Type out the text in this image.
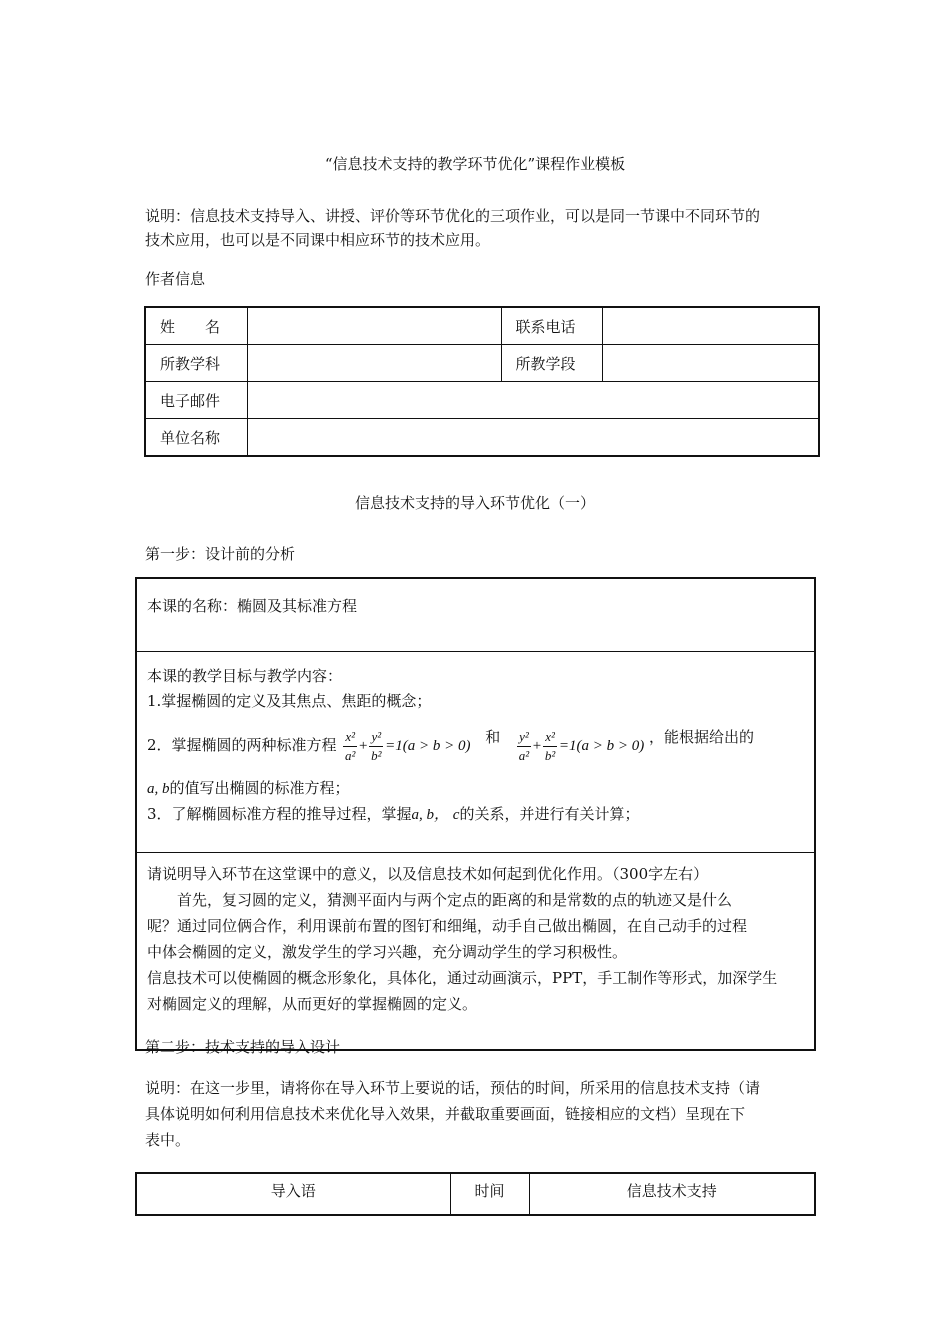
“信息技术支持的教学环节优化”课程作业模板
说明：信息技术支持导入、讲授、评价等环节优化的三项作业，可以是同一节课中不同环节的
技术应用，也可以是不同课中相应环节的技术应用。
作者信息
姓　　名		联系电话	
所教学科		所教学段	
电子邮件			
单位名称			
信息技术支持的导入环节优化（一）
第一步：设计前的分析
本课的名称：椭圆及其标准方程

本课的教学目标与教学内容：
1.掌握椭圆的定义及其焦点、焦距的概念；
2．掌握椭圆的两种标准方程 $\frac{\text{x²}}{\text{a²}} + \frac{\text{y²}}{\text{b²}} =1(a > b > 0)$ 和 $\frac{\text{y²}}{\text{a²}} + \frac{\text{x²}}{\text{b²}} =1(a > b > 0)$ ，能根据给出的
a, b的值写出椭圆的标准方程；
3．了解椭圆标准方程的推导过程，掌握a, b， c的关系，并进行有关计算；

请说明导入环节在这堂课中的意义，以及信息技术如何起到优化作用。（300字左右）
　　首先，复习圆的定义，猜测平面内与两个定点的距离的和是常数的点的轨迹又是什么
呢？通过同位俩合作，利用课前布置的图钉和细绳，动手自己做出椭圆，在自己动手的过程
中体会椭圆的定义，激发学生的学习兴趣，充分调动学生的学习积极性。
信息技术可以使椭圆的概念形象化，具体化，通过动画演示，PPT，手工制作等形式，加深学生
对椭圆定义的理解，从而更好的掌握椭圆的定义。
第二步：技术支持的导入设计
说明：在这一步里，请将你在导入环节上要说的话，预估的时间，所采用的信息技术支持（请
具体说明如何利用信息技术来优化导入效果，并截取重要画面，链接相应的文档）呈现在下
表中。
导入语	时间	信息技术支持
